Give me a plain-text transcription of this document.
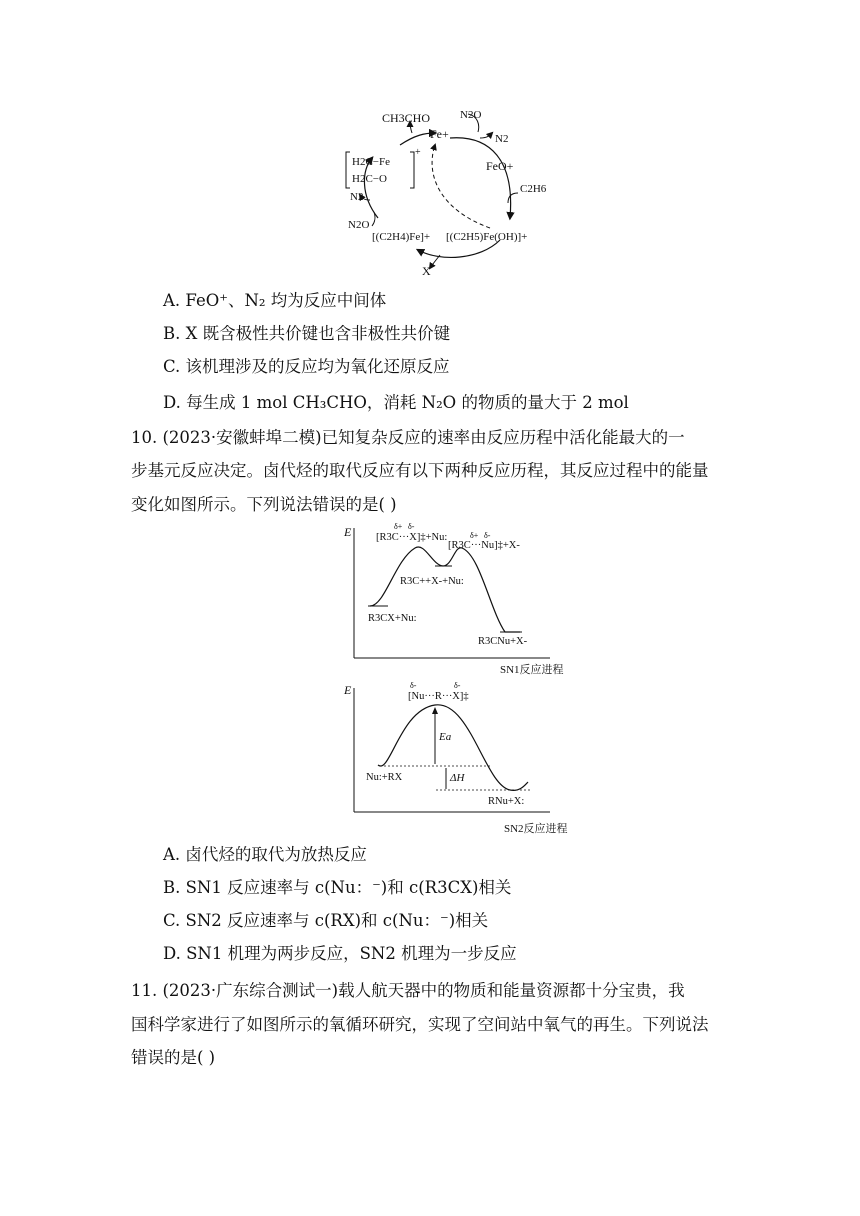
CH3CHO
Fe+
N2O
N2
FeO+
C2H6
[(C2H5)Fe(OH)]+
[(C2H4)Fe]+
X
N2O
N2
H2C−Fe
H2C−O
+
A. FeO⁺、N₂ 均为反应中间体
B. X 既含极性共价键也含非极性共价键
C. 该机理涉及的反应均为氧化还原反应
D. 每生成 1 mol CH₃CHO，消耗 N₂O 的物质的量大于 2 mol
10. (2023·安徽蚌埠二模)已知复杂反应的速率由反应历程中活化能最大的一
步基元反应决定。卤代烃的取代反应有以下两种反应历程，其反应过程中的能量
变化如图所示。下列说法错误的是( )
E	δ+ δ-
[R3C···X]‡+Nu:	δ+ δ-
[R3C···Nu]‡+X-
R3C++X-+Nu:
R3CX+Nu:
R3CNu+X-
SN1反应进程
E	δ-	δ-
[Nu···R···X]‡
Ea
ΔH
Nu:+RX
RNu+X:
SN2反应进程
A. 卤代烃的取代为放热反应
B. SN1 反应速率与 c(Nu：⁻)和 c(R3CX)相关
C. SN2 反应速率与 c(RX)和 c(Nu：⁻)相关
D. SN1 机理为两步反应，SN2 机理为一步反应
11. (2023·广东综合测试一)载人航天器中的物质和能量资源都十分宝贵，我
国科学家进行了如图所示的氧循环研究，实现了空间站中氧气的再生。下列说法
错误的是( )
